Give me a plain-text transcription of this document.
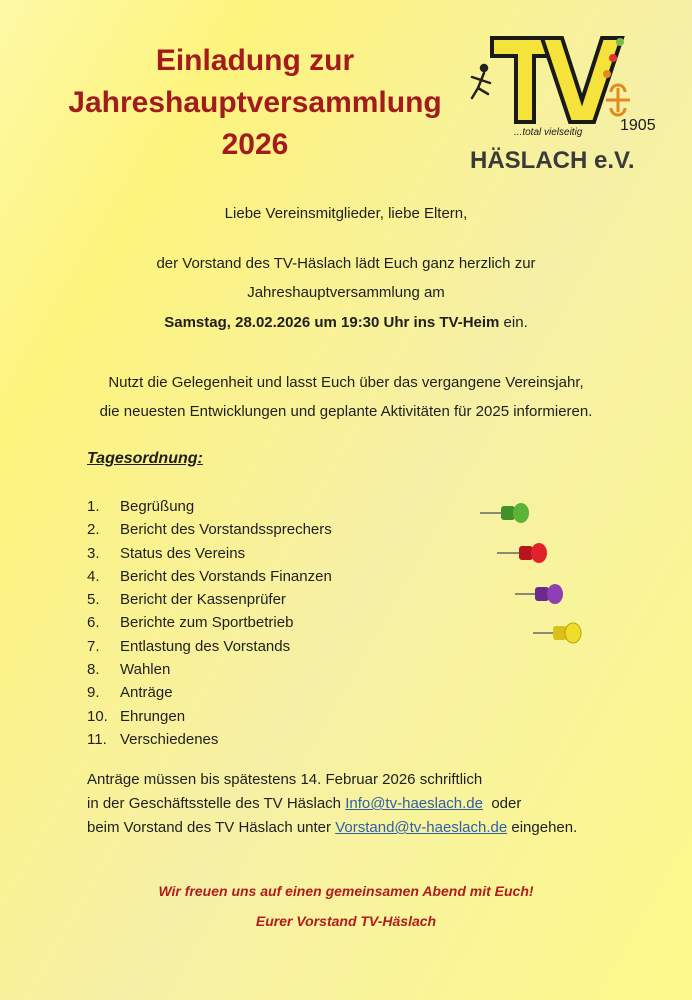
Einladung zur
Jahreshauptversammlung
2026
1905
...total vielseitig
HÄSLACH e.V.
Liebe Vereinsmitglieder, liebe Eltern,
der Vorstand des TV-Häslach lädt Euch ganz herzlich zur
Jahreshauptversammlung am
Samstag, 28.02.2026 um 19:30 Uhr ins TV-Heim ein.
Nutzt die Gelegenheit und lasst Euch über das vergangene Vereinsjahr,
die neuesten Entwicklungen und geplante Aktivitäten für 2025 informieren.
Tagesordnung:
1.	Begrüßung
2.	Bericht des Vorstandssprechers
3.	Status des Vereins
4.	Bericht des Vorstands Finanzen
5.	Bericht der Kassenprüfer
6.	Berichte zum Sportbetrieb
7.	Entlastung des Vorstands
8.	Wahlen
9.	Anträge
10. Ehrungen
11. Verschiedenes
Anträge müssen bis spätestens 14. Februar 2026 schriftlich
in der Geschäftsstelle des TV Häslach Info@tv-haeslach.de  oder
beim Vorstand des TV Häslach unter Vorstand@tv-haeslach.de eingehen.
Wir freuen uns auf einen gemeinsamen Abend mit Euch!
Eurer Vorstand TV-Häslach
